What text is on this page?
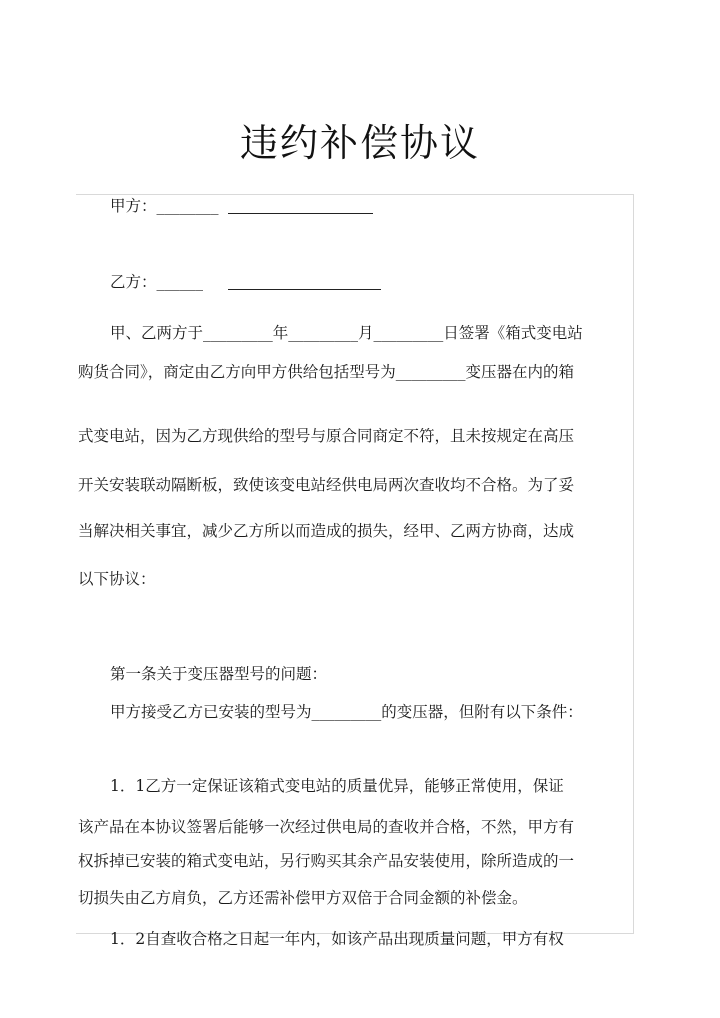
违约补偿协议
甲方：________
乙方：______
甲、乙两方于_________年_________月_________日签署《箱式变电站
购货合同》，商定由乙方向甲方供给包括型号为_________变压器在内的箱
式变电站，因为乙方现供给的型号与原合同商定不符，且未按规定在高压
开关安装联动隔断板，致使该变电站经供电局两次查收均不合格。为了妥
当解决相关事宜，减少乙方所以而造成的损失，经甲、乙两方协商，达成
以下协议：
第一条关于变压器型号的问题：
甲方接受乙方已安装的型号为_________的变压器，但附有以下条件：
1．1乙方一定保证该箱式变电站的质量优异，能够正常使用，保证
该产品在本协议签署后能够一次经过供电局的查收并合格，不然，甲方有
权拆掉已安装的箱式变电站，另行购买其余产品安装使用，除所造成的一
切损失由乙方肩负，乙方还需补偿甲方双倍于合同金额的补偿金。
1．2自查收合格之日起一年内，如该产品出现质量问题，甲方有权
